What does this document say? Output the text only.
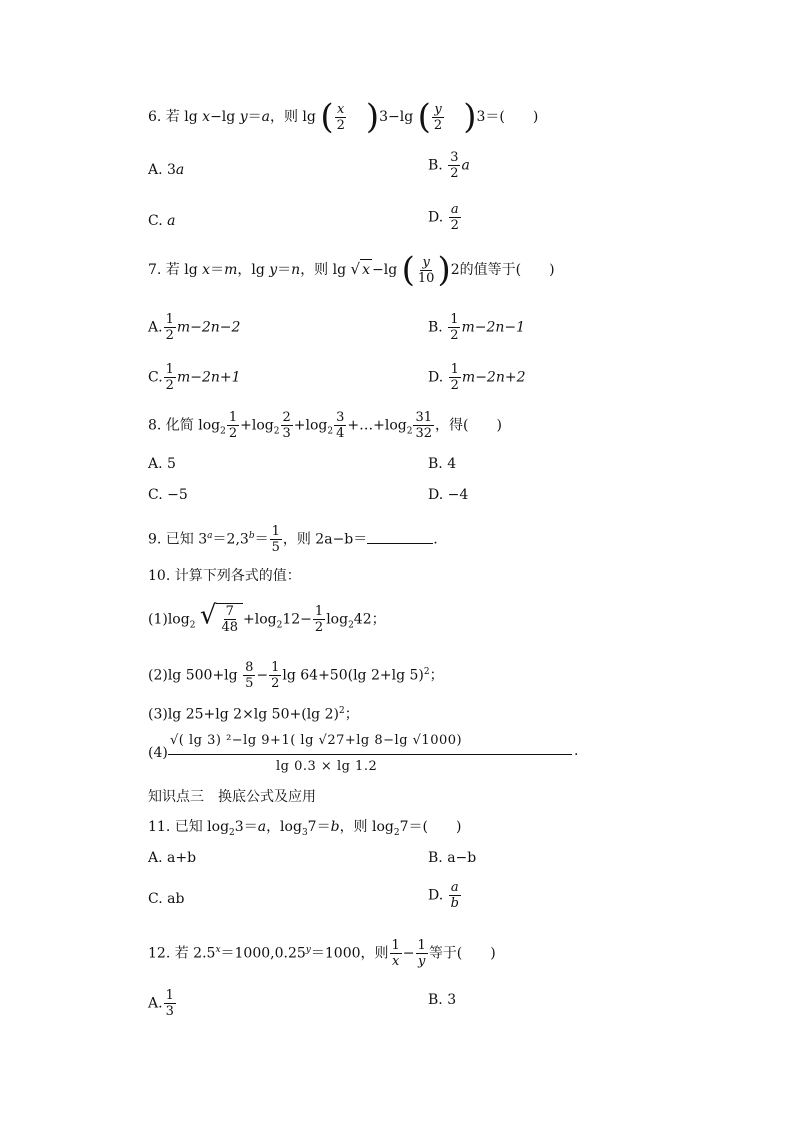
6. 若 lg x−lg y＝a，则 lg ( $\frac{x}{2} )3-\lg$ ( $\frac{y}{2} )3=$(　　)
A. 3a	B. $\frac{3}{2}$ a
C. a	D. $\frac{a}{2}$
7. 若 lg x＝m，lg y＝n，则 lg √ x −lg ( $\frac{y}{10} )2$的值等于(　　)
A. $\frac{1}{2} m-2n-2$	B. $\frac{1}{2} m-2n-1$
C. $\frac{1}{2} m-2n+1$	D. $\frac{1}{2} m-2n+2$
8. 化简 $\log_2 \frac{1}{2} +\log_2 \frac{2}{3} +\log_2 \frac{3}{4}$ $+\dots+\log_2 \frac{31}{32}$ ，得(　　)
A. 5	B. 4
C. −5	D. −4
9. 已知 $3^a=2,3^b= \frac{1}{5}$ ，则 2a−b＝	.
10. 计算下列各式的值：
$(1)\log_2$ √ $\frac{7}{48} +\log_212- \frac{1}{2} \log_242$；
(2)lg $500+\lg \frac{8}{5} - \frac{1}{2}$ lg 64+50(lg 2+lg 5)$^2$；
(3)lg 25+lg 2×lg 50+(lg 2)$^2$；
(4)
√( lg 3) ²−lg 9+1( lg √27+lg 8−lg √1000)
lg 0.3 × lg 1.2
.
知识点三　换底公式及应用
11. 已知 $\log_23=a$，$\log_37=b$，则 $\log_27=$(　　)
A. a+b	B. a−b
C. ab	D. $\frac{a}{b}$
12. 若 $2.5^x=1000,0.25^y=1000$，则 $\frac{1}{x} - \frac{1}{y}$ 等于(　　)
A. $\frac{1}{3}$	B. 3
